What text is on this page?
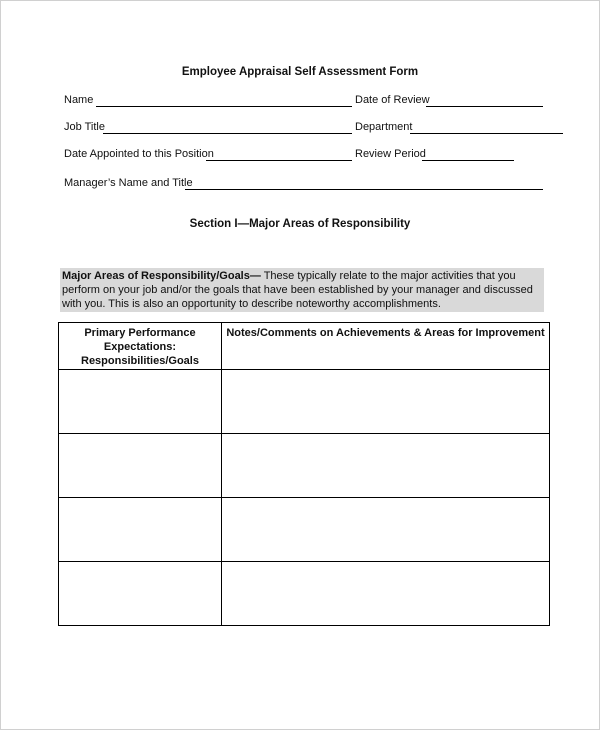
Employee Appraisal Self Assessment Form
Name	Date of Review
Job Title	Department
Date Appointed to this Position	Review Period
Manager’s Name and Title
Section I—Major Areas of Responsibility
Major Areas of Responsibility/Goals— These typically relate to the major activities that you perform on your job and/or the goals that have been established by your manager and discussed with you. This is also an opportunity to describe noteworthy accomplishments.
Primary Performance Expectations: Responsibilities/Goals	Notes/Comments on Achievements & Areas for Improvement
